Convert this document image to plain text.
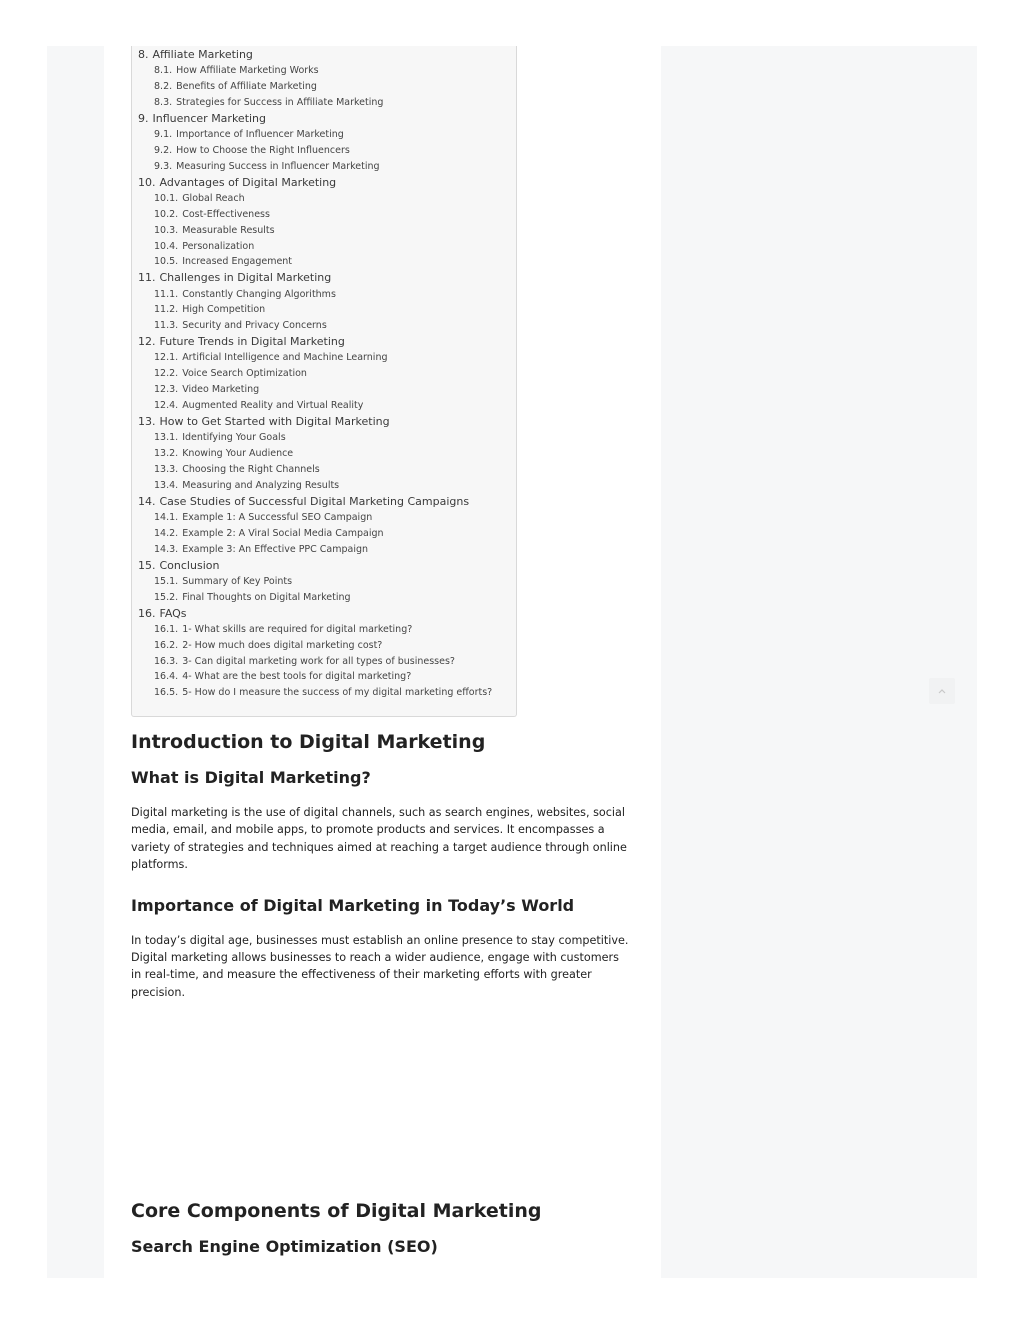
8. Affiliate Marketing
8.1. How Affiliate Marketing Works
8.2. Benefits of Affiliate Marketing
8.3. Strategies for Success in Affiliate Marketing
9. Influencer Marketing
9.1. Importance of Influencer Marketing
9.2. How to Choose the Right Influencers
9.3. Measuring Success in Influencer Marketing
10. Advantages of Digital Marketing
10.1. Global Reach
10.2. Cost-Effectiveness
10.3. Measurable Results
10.4. Personalization
10.5. Increased Engagement
11. Challenges in Digital Marketing
11.1. Constantly Changing Algorithms
11.2. High Competition
11.3. Security and Privacy Concerns
12. Future Trends in Digital Marketing
12.1. Artificial Intelligence and Machine Learning
12.2. Voice Search Optimization
12.3. Video Marketing
12.4. Augmented Reality and Virtual Reality
13. How to Get Started with Digital Marketing
13.1. Identifying Your Goals
13.2. Knowing Your Audience
13.3. Choosing the Right Channels
13.4. Measuring and Analyzing Results
14. Case Studies of Successful Digital Marketing Campaigns
14.1. Example 1: A Successful SEO Campaign
14.2. Example 2: A Viral Social Media Campaign
14.3. Example 3: An Effective PPC Campaign
15. Conclusion
15.1. Summary of Key Points
15.2. Final Thoughts on Digital Marketing
16. FAQs
16.1. 1- What skills are required for digital marketing?
16.2. 2- How much does digital marketing cost?
16.3. 3- Can digital marketing work for all types of businesses?
16.4. 4- What are the best tools for digital marketing?
16.5. 5- How do I measure the success of my digital marketing efforts?
Introduction to Digital Marketing
What is Digital Marketing?

Digital marketing is the use of digital channels, such as search engines, websites, social media, email, and mobile apps, to promote products and services. It encompasses a variety of strategies and techniques aimed at reaching a target audience through online platforms.

Importance of Digital Marketing in Today’s World

In today’s digital age, businesses must establish an online presence to stay competitive. Digital marketing allows businesses to reach a wider audience, engage with customers in real-time, and measure the effectiveness of their marketing efforts with greater precision.

Core Components of Digital Marketing
Search Engine Optimization (SEO)
